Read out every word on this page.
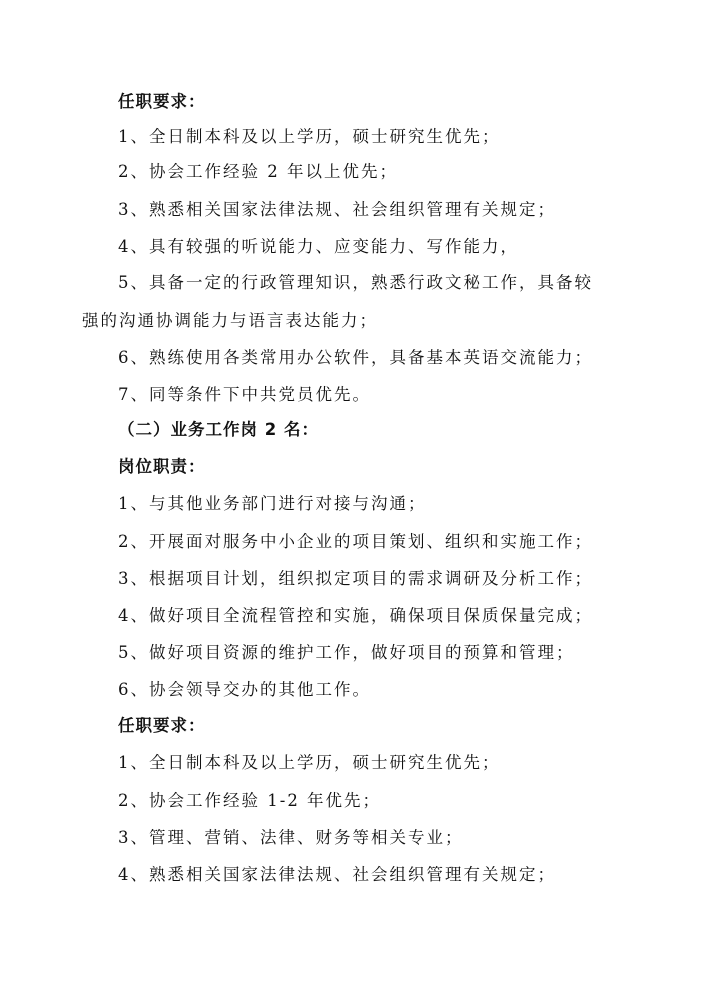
任职要求：
1、全日制本科及以上学历，硕士研究生优先；
2、协会工作经验 2 年以上优先；
3、熟悉相关国家法律法规、社会组织管理有关规定；
4、具有较强的听说能力、应变能力、写作能力，
5、具备一定的行政管理知识，熟悉行政文秘工作，具备较
强的沟通协调能力与语言表达能力；
6、熟练使用各类常用办公软件，具备基本英语交流能力；
7、同等条件下中共党员优先。
（二）业务工作岗 2 名：
岗位职责：
1、与其他业务部门进行对接与沟通；
2、开展面对服务中小企业的项目策划、组织和实施工作；
3、根据项目计划，组织拟定项目的需求调研及分析工作；
4、做好项目全流程管控和实施，确保项目保质保量完成；
5、做好项目资源的维护工作，做好项目的预算和管理；
6、协会领导交办的其他工作。
任职要求：
1、全日制本科及以上学历，硕士研究生优先；
2、协会工作经验 1-2 年优先；
3、管理、营销、法律、财务等相关专业；
4、熟悉相关国家法律法规、社会组织管理有关规定；
